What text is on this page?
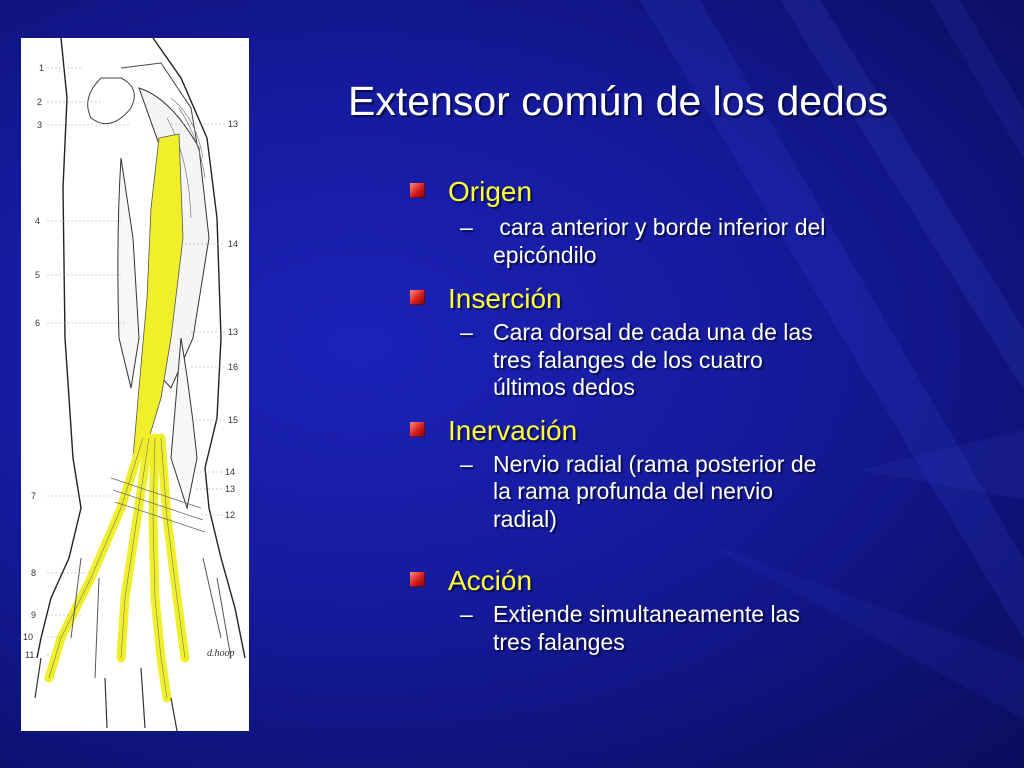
1
2
3
4
5
6
7
8
9
10
11
13
14
13
16
15
14
13
12
d.hoop
Extensor común de los dedos
Origen
– cara anterior y borde inferior del epicóndilo
Inserción
– Cara dorsal de cada una de las tres falanges de los cuatro últimos dedos
Inervación
– Nervio radial (rama posterior de la rama profunda del nervio radial)
Acción
– Extiende simultaneamente las tres falanges
